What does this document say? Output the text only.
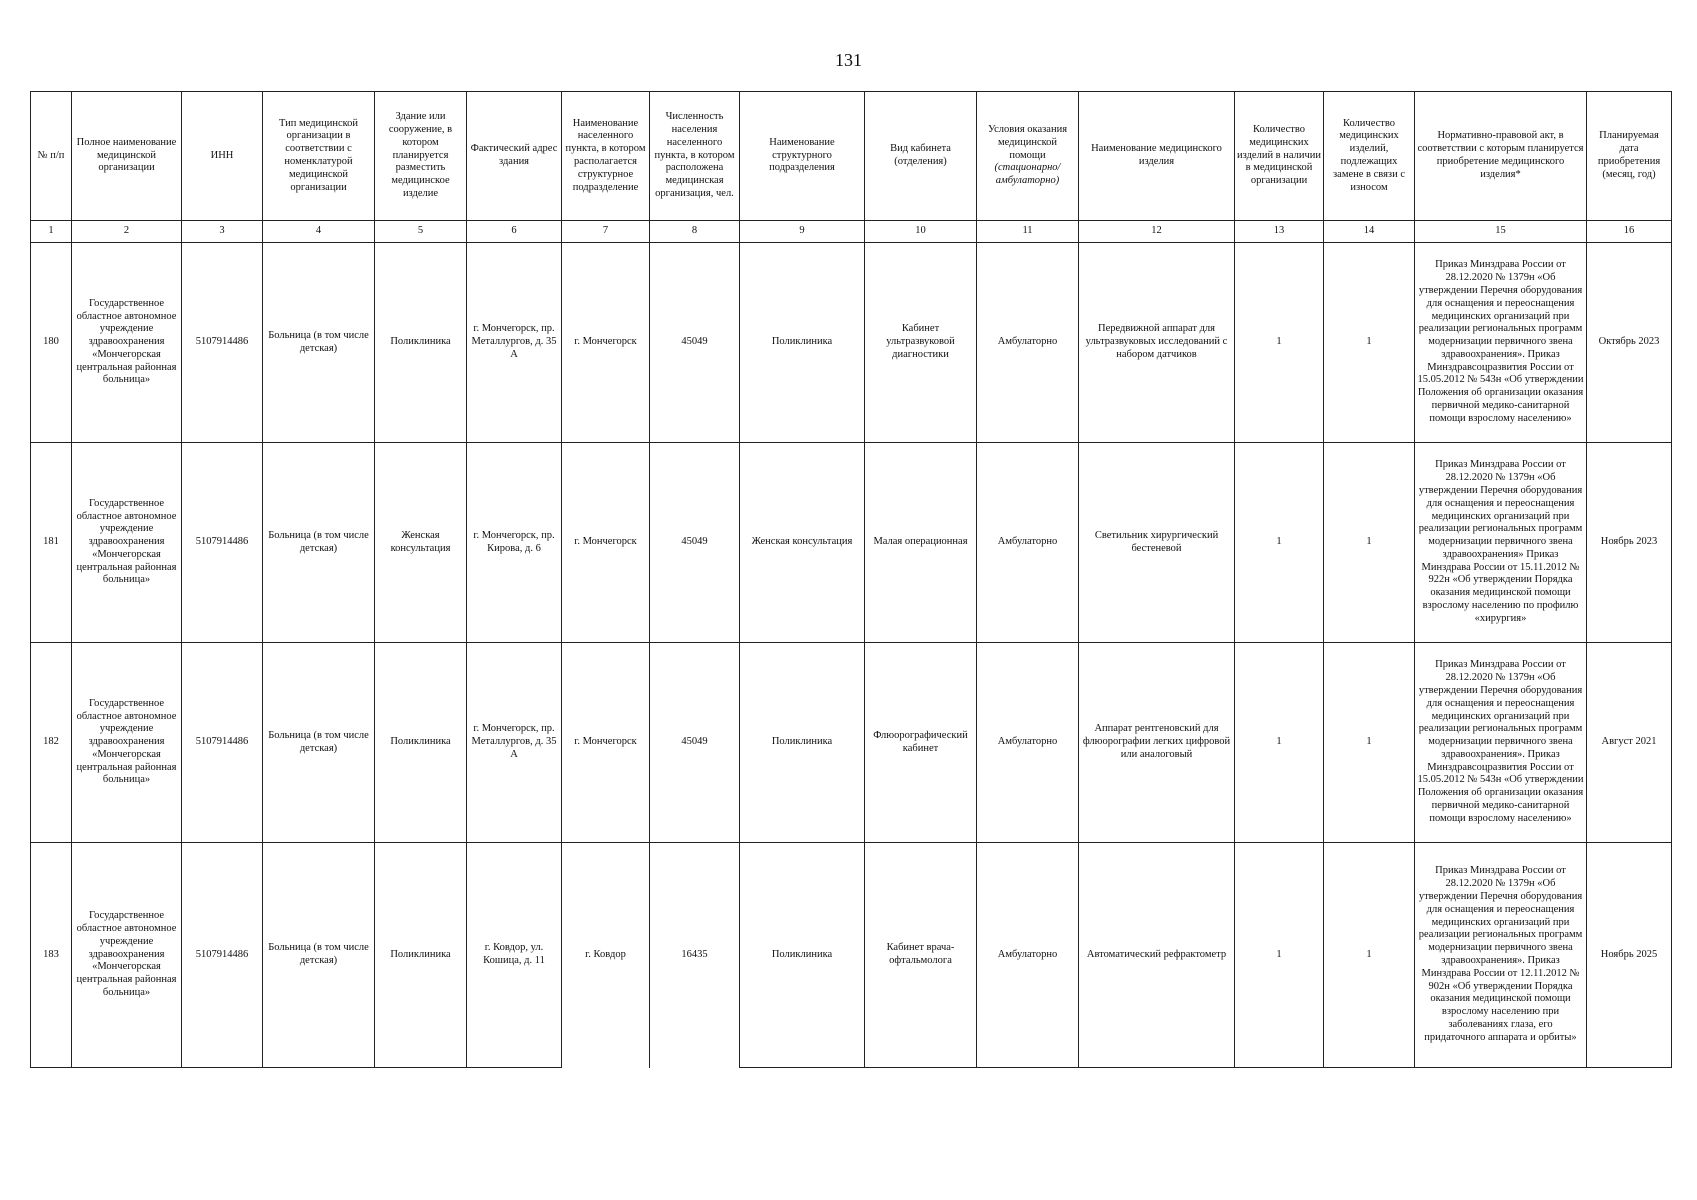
131
№ п/п	Полное наименование медицинской организации	ИНН	Тип медицинской организации в соответствии с номенклатурой медицинской организации	Здание или сооружение, в котором планируется разместить медицинское изделие	Фактический адрес здания	Наименование населенного пункта, в котором располагается структурное подразделение	Численность населения населенного пункта, в котором расположена медицинская организация, чел.	Наименование структурного подразделения	Вид кабинета (отделения)	Условия оказания медицинской помощи (стационарно/ амбулаторно)	Наименование медицинского изделия	Количество медицинских изделий в наличии в медицинской организации	Количество медицинских изделий, подлежащих замене в связи с износом	Нормативно-правовой акт, в соответствии с которым планируется приобретение медицинского изделия*	Планируемая дата приобретения (месяц, год)
1	2	3	4	5	6	7	8	9	10	11	12	13	14	15	16
180	Государственное областное автономное учреждение здравоохранения «Мончегорская центральная районная больница»	5107914486	Больница (в том числе детская)	Поликлиника	г. Мончегорск, пр. Металлургов, д. 35 А	г. Мончегорск	45049	Поликлиника	Кабинет ультразвуковой диагностики	Амбулаторно	Передвижной аппарат для ультразвуковых исследований с набором датчиков	1	1	Приказ Минздрава России от 28.12.2020 № 1379н «Об утверждении Перечня оборудования для оснащения и переоснащения медицинских организаций при реализации региональных программ модернизации первичного звена здравоохранения». Приказ Минздравсоцразвития России от 15.05.2012 № 543н «Об утверждении Положения об организации оказания первичной медико-санитарной помощи взрослому населению»	Октябрь 2023
181	Государственное областное автономное учреждение здравоохранения «Мончегорская центральная районная больница»	5107914486	Больница (в том числе детская)	Женская консультация	г. Мончегорск, пр. Кирова, д. 6	г. Мончегорск	45049	Женская консультация	Малая операционная	Амбулаторно	Светильник хирургический бестеневой	1	1	Приказ Минздрава России от 28.12.2020 № 1379н «Об утверждении Перечня оборудования для оснащения и переоснащения медицинских организаций при реализации региональных программ модернизации первичного звена здравоохранения» Приказ Минздрава России от 15.11.2012 № 922н «Об утверждении Порядка оказания медицинской помощи взрослому населению по профилю «хирургия»	Ноябрь 2023
182	Государственное областное автономное учреждение здравоохранения «Мончегорская центральная районная больница»	5107914486	Больница (в том числе детская)	Поликлиника	г. Мончегорск, пр. Металлургов, д. 35 А	г. Мончегорск	45049	Поликлиника	Флюорографический кабинет	Амбулаторно	Аппарат рентгеновский для флюорографии легких цифровой или аналоговый	1	1	Приказ Минздрава России от 28.12.2020 № 1379н «Об утверждении Перечня оборудования для оснащения и переоснащения медицинских организаций при реализации региональных программ модернизации первичного звена здравоохранения». Приказ Минздравсоцразвития России от 15.05.2012 № 543н «Об утверждении Положения об организации оказания первичной медико-санитарной помощи взрослому населению»	Август 2021
183	Государственное областное автономное учреждение здравоохранения «Мончегорская центральная районная больница»	5107914486	Больница (в том числе детская)	Поликлиника	г. Ковдор, ул. Кошица, д. 11	г. Ковдор	16435	Поликлиника	Кабинет врача-офтальмолога	Амбулаторно	Автоматический рефрактометр	1	1	Приказ Минздрава России от 28.12.2020 № 1379н «Об утверждении Перечня оборудования для оснащения и переоснащения медицинских организаций при реализации региональных программ модернизации первичного звена здравоохранения». Приказ Минздрава России от 12.11.2012 № 902н «Об утверждении Порядка оказания медицинской помощи взрослому населению при заболеваниях глаза, его придаточного аппарата и орбиты»	Ноябрь 2025
